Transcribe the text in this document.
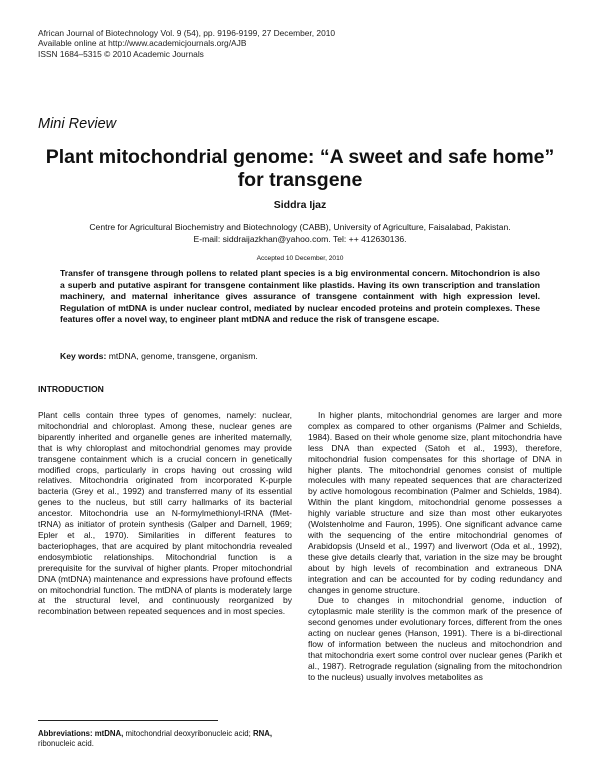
African Journal of Biotechnology Vol. 9 (54), pp. 9196-9199, 27 December, 2010
Available online at http://www.academicjournals.org/AJB
ISSN 1684–5315 © 2010 Academic Journals
Mini Review
Plant mitochondrial genome: “A sweet and safe home”
for transgene
Siddra Ijaz
Centre for Agricultural Biochemistry and Biotechnology (CABB), University of Agriculture, Faisalabad, Pakistan.
E-mail: siddraijazkhan@yahoo.com. Tel: ++ 412630136.
Accepted 10 December, 2010
Transfer of transgene through pollens to related plant species is a big environmental concern. Mitochondrion is also a superb and putative aspirant for transgene containment like plastids. Having its own transcription and translation machinery, and maternal inheritance gives assurance of transgene containment with high expression level. Regulation of mtDNA is under nuclear control, mediated by nuclear encoded proteins and protein complexes. These features offer a novel way, to engineer plant mtDNA and reduce the risk of transgene escape.
Key words: mtDNA, genome, transgene, organism.
INTRODUCTION

Plant cells contain three types of genomes, namely: nuclear, mitochondrial and chloroplast. Among these, nuclear genes are biparently inherited and organelle genes are inherited maternally, that is why chloroplast and mitochondrial genomes may provide transgene containment which is a crucial concern in genetically modified crops, particularly in crops having out crossing wild relatives. Mitochondria originated from incorporated K-purple bacteria (Grey et al., 1992) and transferred many of its essential genes to the nucleus, but still carry hallmarks of its bacterial ancestor. Mitochondria use an N-formylmethionyl-tRNA (fMet-tRNA) as initiator of protein synthesis (Galper and Darnell, 1969; Epler et al., 1970). Similarities in different features to bacteriophages, that are acquired by plant mitochondria revealed endosymbiotic relationships. Mitochondrial function is a prerequisite for the survival of higher plants. Proper mitochondrial DNA (mtDNA) maintenance and expressions have profound effects on mitochondrial function. The mtDNA of plants is moderately large at the structural level, and continuously reorganized by recombination between repeated sequences and in most species.

In higher plants, mitochondrial genomes are larger and more complex as compared to other organisms (Palmer and Schields, 1984). Based on their whole genome size, plant mitochondria have less DNA than expected (Satoh et al., 1993), therefore, mitochondrial fusion compensates for this shortage of DNA in higher plants. The mitochondrial genomes consist of multiple molecules with many repeated sequences that are characterized by active homologous recombination (Palmer and Schields, 1984). Within the plant kingdom, mitochondrial genome possesses a highly variable structure and size than most other eukaryotes (Wolstenholme and Fauron, 1995). One significant advance came with the sequencing of the entire mitochondrial genomes of Arabidopsis (Unseld et al., 1997) and liverwort (Oda et al., 1992), these give details clearly that, variation in the size may be brought about by high levels of recombination and extraneous DNA integration and can be accounted for by coding redundancy and changes in genome structure.

Due to changes in mitochondrial genome, induction of cytoplasmic male sterility is the common mark of the presence of second genomes under evolutionary forces, different from the ones acting on nuclear genes (Hanson, 1991). There is a bi-directional flow of information between the nucleus and mitochondrion and that mitochondria exert some control over nuclear genes (Parikh et al., 1987). Retrograde regulation (signaling from the mitochondrion to the nucleus) usually involves metabolites as

Abbreviations: mtDNA, mitochondrial deoxyribonucleic acid; RNA, ribonucleic acid.
